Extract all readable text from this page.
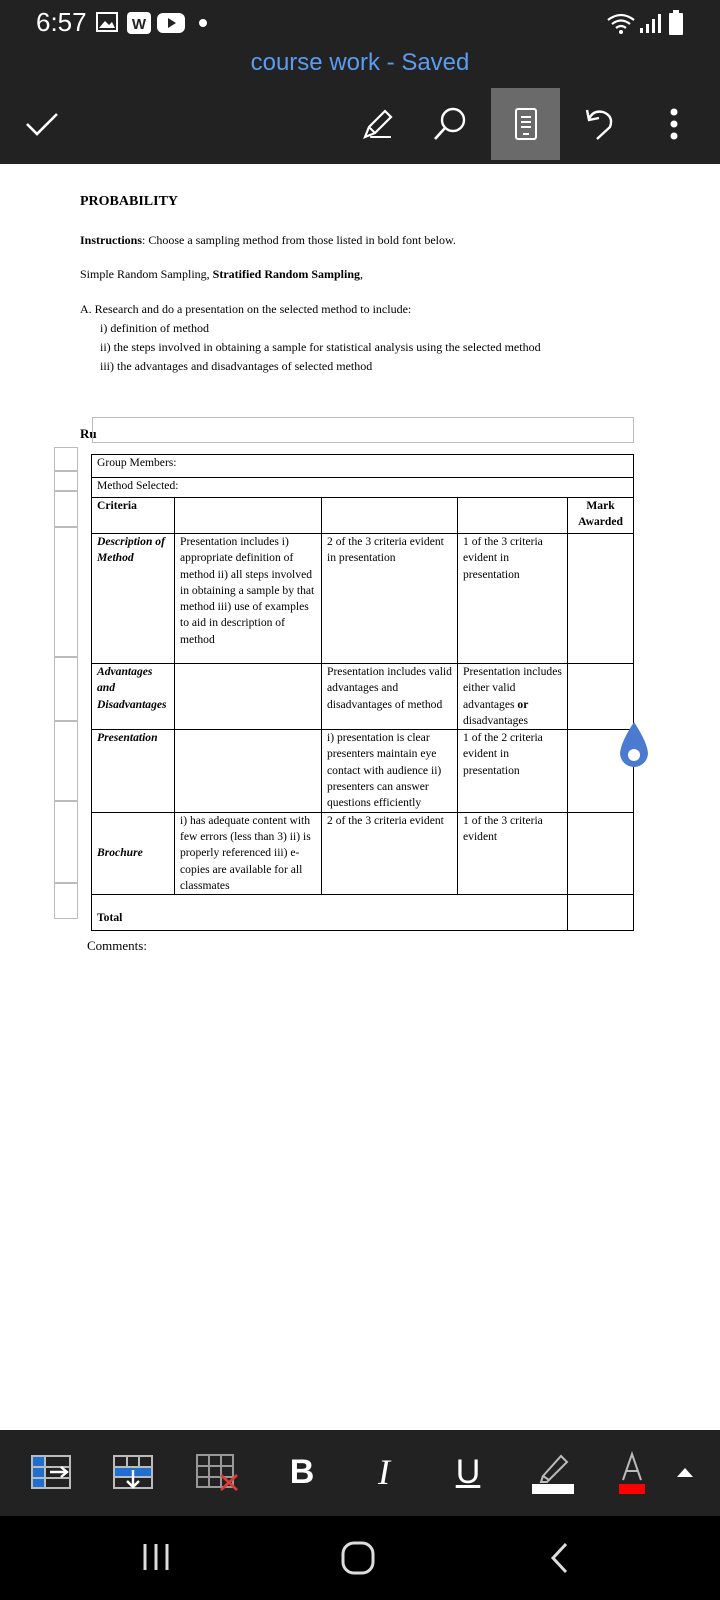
6:57	W
course work - Saved
PROBABILITY
Instructions: Choose a sampling method from those listed in bold font below.
Simple Random Sampling, Stratified Random Sampling,
A. Research and do a presentation on the selected method to include:
i) definition of method
ii) the steps involved in obtaining a sample for statistical analysis using the selected method
iii) the advantages and disadvantages of selected method
Ru
Group Members:				
Method Selected:				
Criteria				Mark Awarded
Description of Method	Presentation includes i) appropriate definition of method ii) all steps involved in obtaining a sample by that method iii) use of examples to aid in description of method	2 of the 3 criteria evident in presentation	1 of the 3 criteria evident in presentation	
Advantages and Disadvantages		Presentation includes valid advantages and disadvantages of method	Presentation includes either valid advantages or disadvantages	
Presentation		i) presentation is clear presenters maintain eye contact with audience ii) presenters can answer questions efficiently	1 of the 2 criteria evident in presentation	
Brochure	i) has adequate content with few errors (less than 3) ii) is properly referenced iii) e-copies are available for all classmates	2 of the 3 criteria evident	1 of the 3 criteria evident	
Total				
Comments:
B	I	U
